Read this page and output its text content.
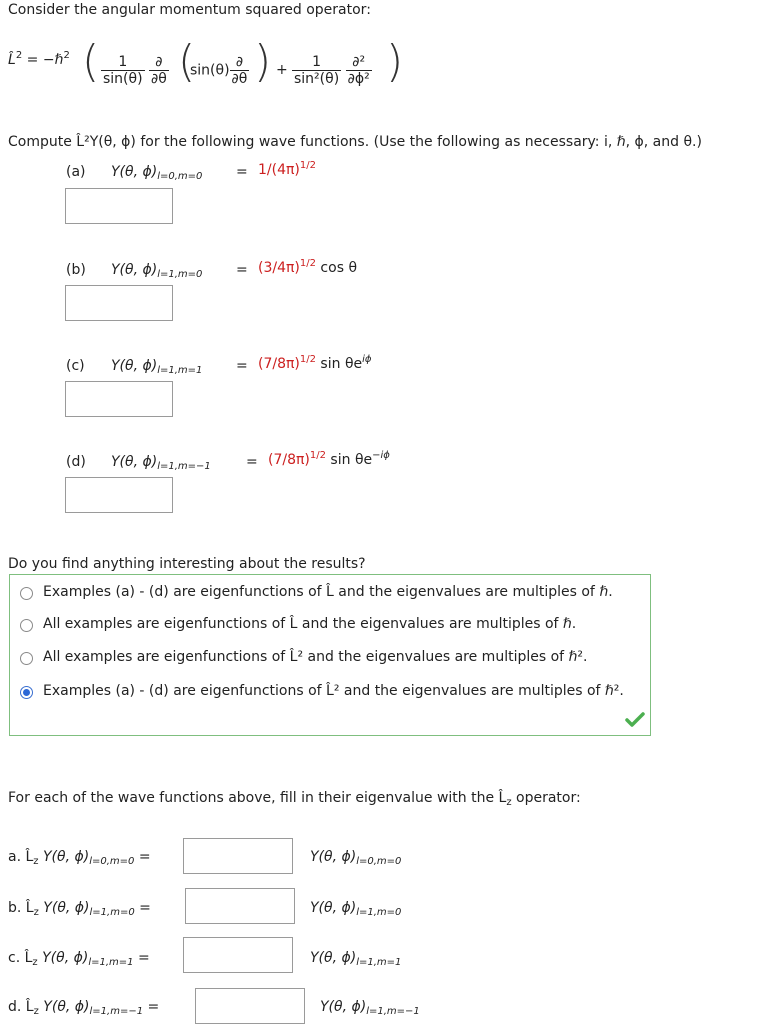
Consider the angular momentum squared operator:
L̂$^2$ = −ℏ$^2$ ( $\frac{1}{\sin(\theta)}$
$\frac{\partial}{\partial\theta}$ (
$\sin(\theta) \frac{\partial}{\partial\theta}$ ) + $\frac{1}{\text{sin²(θ)}}$
$\frac{\text{∂²}}{\text{∂ϕ²}}$ )
Compute L̂²Y(θ, ϕ) for the following wave functions. (Use the following as necessary: i, ℏ, ϕ, and θ.)
(a) Y(θ, $\phi)_{l=0,m=0} = 1/(4\pi)^{1/2}$
(b) Y(θ, $\phi)_{l=1,m=0} = (3/4\pi)^{1/2}$ cos θ
(c) Y(θ, $\phi)_{l=1,m=1} = (7/8\pi)^{1/2}$ $\sin \theta e^{i\phi}$
(d) Y(θ, $\phi)_{l=1,m=-1}$	= $(7/8\pi)^{1/2}$ $\sin \theta e^{-i\phi}$
Do you find anything interesting about the results?
Examples (a) - (d) are eigenfunctions of L̂ and the eigenvalues are multiples of ℏ.
All examples are eigenfunctions of L̂ and the eigenvalues are multiples of ℏ.
All examples are eigenfunctions of L̂² and the eigenvalues are multiples of ℏ².
Examples (a) - (d) are eigenfunctions of L̂² and the eigenvalues are multiples of ℏ².
For each of the wave functions above, fill in their eigenvalue with the $L̂_z$ operator:
a. $L̂_z$ Y(θ, $\phi)_{l=0,m=0}$ =	Y(θ, $\phi)_{l=0,m=0}$
b. $L̂_z$ Y(θ, $\phi)_{l=1,m=0}$ =	Y(θ, $\phi)_{l=1,m=0}$
c. $L̂_z$ Y(θ, $\phi)_{l=1,m=1}$ =	Y(θ, $\phi)_{l=1,m=1}$
d. $L̂_z$ Y(θ, $\phi)_{l=1,m=-1}$ =	Y(θ, $\phi)_{l=1,m=-1}$
